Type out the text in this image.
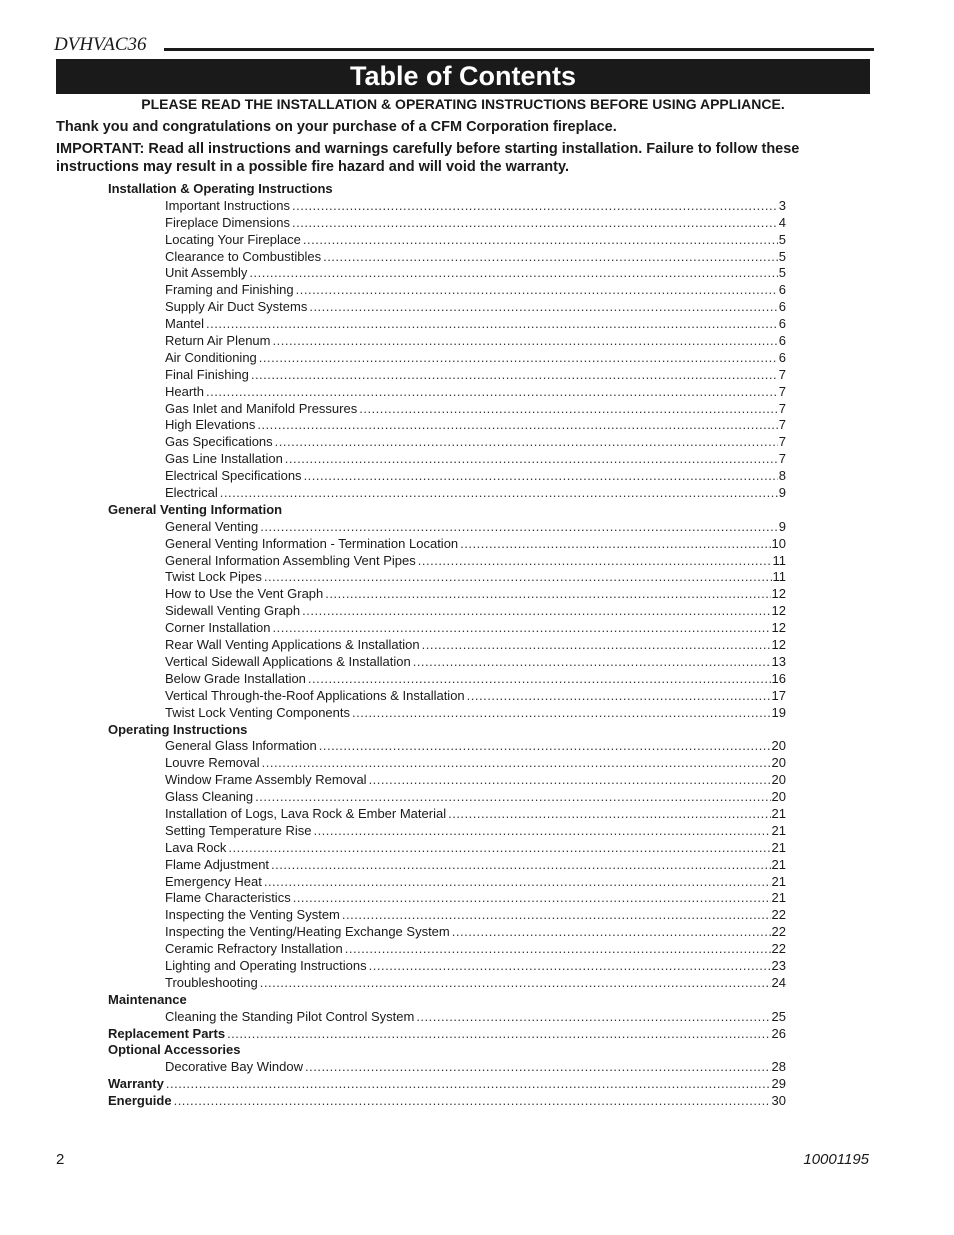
DVHVAC36
Table of Contents
PLEASE READ THE INSTALLATION & OPERATING INSTRUCTIONS BEFORE USING APPLIANCE.
Thank you and congratulations on your purchase of a CFM Corporation fireplace.
IMPORTANT: Read all instructions and warnings carefully before starting installation. Failure to follow these instructions may result in a possible fire hazard and will void the warranty.
Installation & Operating Instructions
Important Instructions .....	3
Fireplace Dimensions .....	4
Locating Your Fireplace .....	5
Clearance to Combustibles .....	5
Unit Assembly .....	5
Framing and Finishing .....	6
Supply Air Duct Systems .....	6
Mantel .....	6
Return Air Plenum .....	6
Air Conditioning .....	6
Final Finishing .....	7
Hearth .....	7
Gas Inlet and Manifold Pressures .....	7
High Elevations .....	7
Gas Specifications .....	7
Gas Line Installation .....	7
Electrical Specifications .....	8
Electrical .....	9
General Venting Information
General Venting .....	9
General Venting Information - Termination Location .....	10
General Information Assembling Vent Pipes .....	11
Twist Lock Pipes .....	11
How to Use the Vent Graph .....	12
Sidewall Venting Graph .....	12
Corner Installation .....	12
Rear Wall Venting Applications & Installation .....	12
Vertical Sidewall Applications & Installation .....	13
Below Grade Installation .....	16
Vertical Through-the-Roof Applications & Installation .....	17
Twist Lock Venting Components .....	19
Operating Instructions
General Glass Information .....	20
Louvre Removal .....	20
Window Frame Assembly Removal .....	20
Glass Cleaning .....	20
Installation of Logs, Lava Rock & Ember Material .....	21
Setting Temperature Rise .....	21
Lava Rock .....	21
Flame Adjustment .....	21
Emergency Heat .....	21
Flame Characteristics .....	21
Inspecting the Venting System .....	22
Inspecting the Venting/Heating Exchange System .....	22
Ceramic Refractory Installation .....	22
Lighting and Operating Instructions .....	23
Troubleshooting .....	24
Maintenance
Cleaning the Standing Pilot Control System .....	25
Replacement Parts .....	26
Optional Accessories
Decorative Bay Window .....	28
Warranty .....	29
Energuide .....	30
2	10001195
